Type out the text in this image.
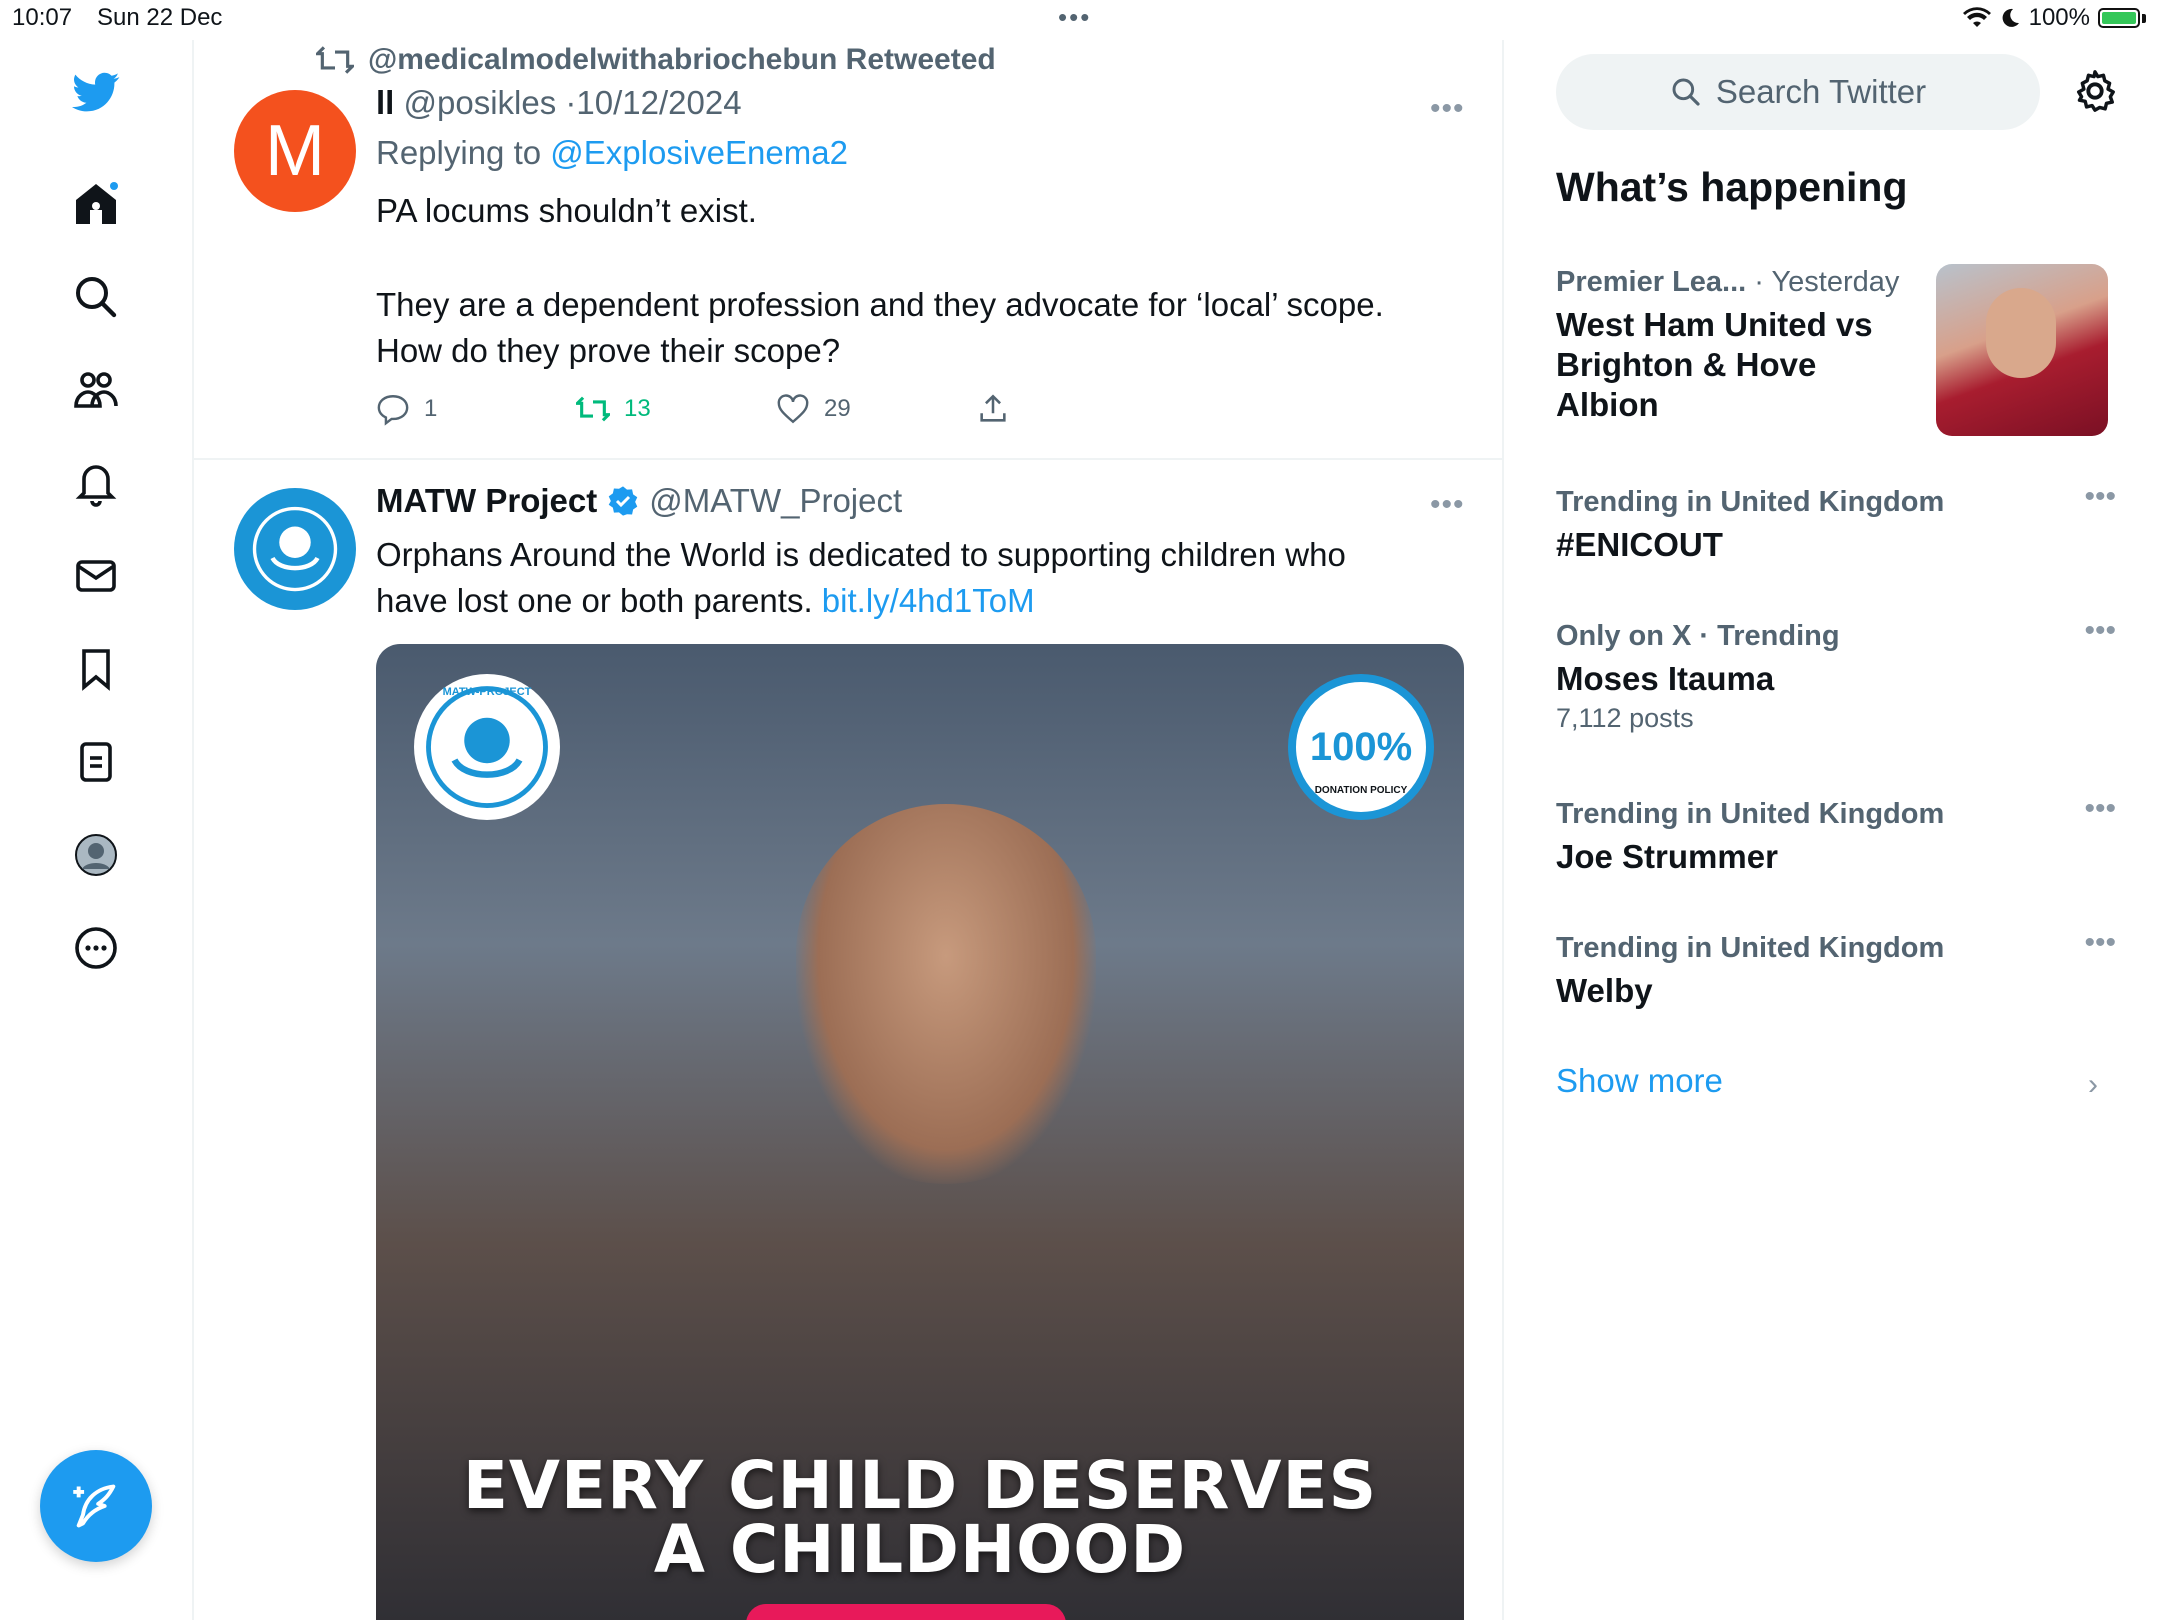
10:07 Sun 22 Dec	•••	100%
@medicalmodelwithabriochebun Retweeted
M
ll @posikles ·10/12/2024	•••
Replying to @ExplosiveEnema2
PA locums shouldn’t exist.
They are a dependent profession and they advocate for ‘local’ scope.
How do they prove their scope?
1	13	29
MATW Project @MATW_Project	•••
Orphans Around the World is dedicated to supporting children who
have lost one or both parents. bit.ly/4hd1ToM
MATW-PROJECT
100%
DONATION POLICY
EVERY CHILD DESERVES
A CHILDHOOD
Search Twitter
What’s happening
Premier Lea... · Yesterday
West Ham United vs
Brighton & Hove
Albion
Trending in United Kingdom
#ENICOUT
•••
Only on X · Trending
Moses Itauma
7,112 posts
•••
Trending in United Kingdom
Joe Strummer
•••
Trending in United Kingdom
Welby
•••
Show more	›
